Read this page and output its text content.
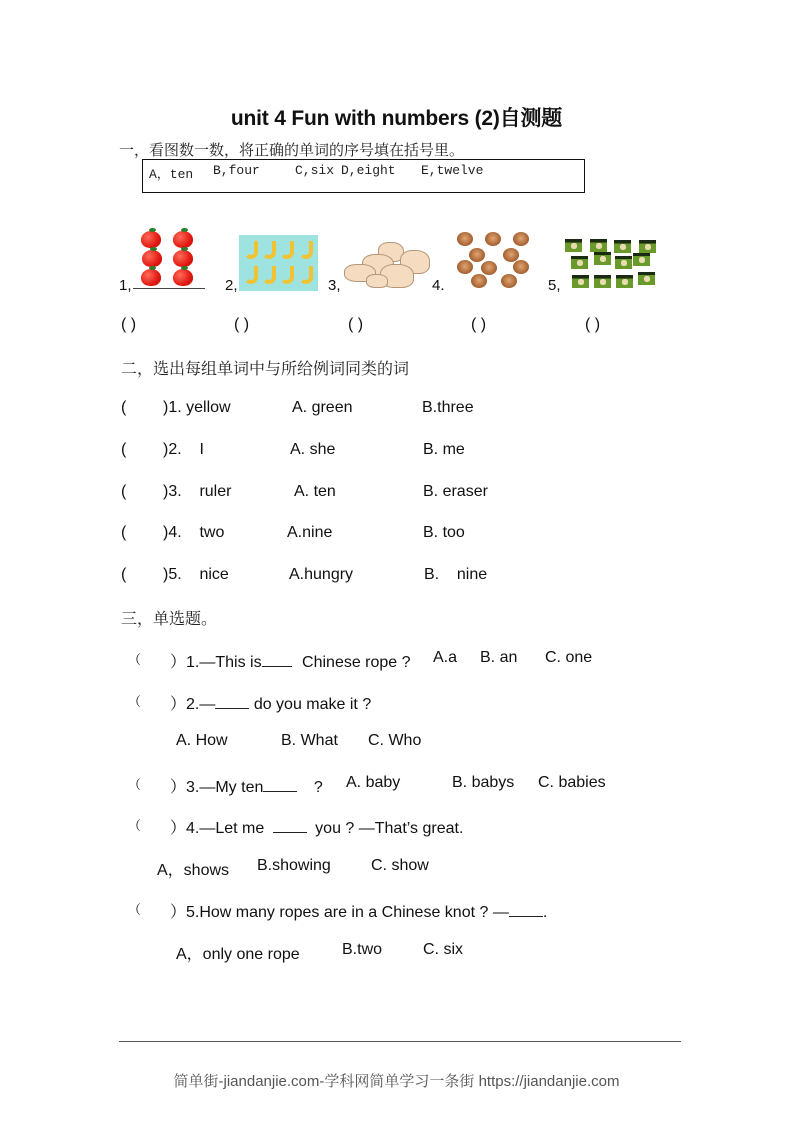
unit 4 Fun with numbers (2)自测题
一，看图数一数，将正确的单词的序号填在括号里。
A，ten B,four	C,six D,eight E,twelve
1,	2,	3,	4.	5,
( )	( )	( )	( )	( )
二，选出每组单词中与所给例词同类的词
( )1. yellow	A. green	B.three
( )2.    I	A. she	B. me
( )3.    ruler	A. ten	B. eraser
( )4.    two	A.nine	B. too
( )5.    nice	A.hungry	B.    nine
三，单选题。
（ ）1.—This is	Chinese rope ? A.a B. an C. one
（ ）2.— do you make it ?
A. How	B. What C. Who
（ ）3.—My ten	? A. baby	B. babys C. babies
（ ）4.—Let me	you ? —That’s great.
A，shows B.showing	C. show
（ ）5.How many ropes are in a Chinese knot ? — .
A，only one rope	B.two	C. six
简单街-jiandanjie.com-学科网简单学习一条街 https://jiandanjie.com
